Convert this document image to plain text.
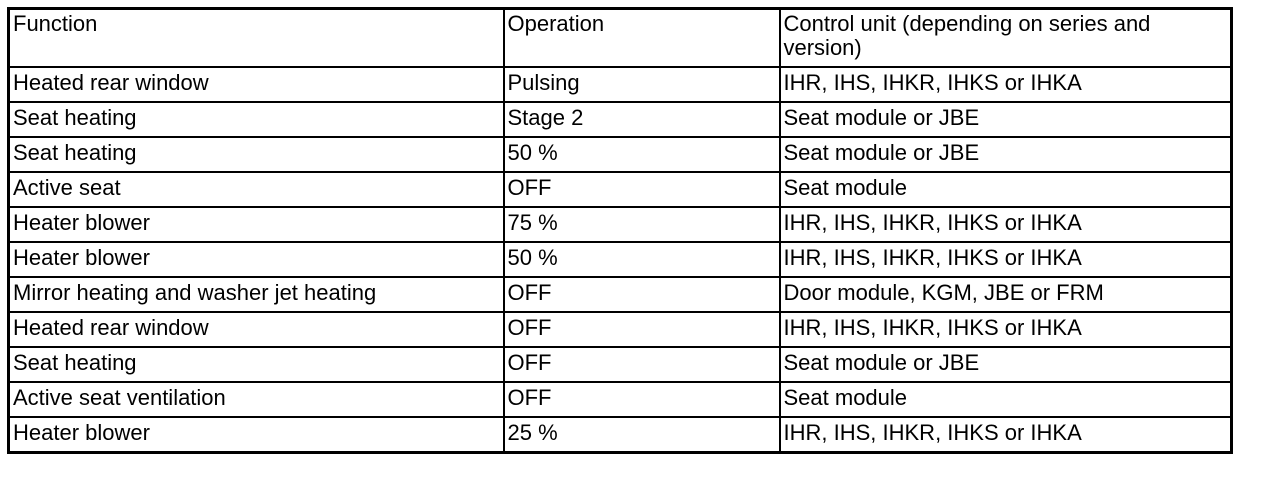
Function	Operation	Control unit (depending on series and version)
Heated rear window	Pulsing	IHR, IHS, IHKR, IHKS or IHKA
Seat heating	Stage 2	Seat module or JBE
Seat heating	50 %	Seat module or JBE
Active seat	OFF	Seat module
Heater blower	75 %	IHR, IHS, IHKR, IHKS or IHKA
Heater blower	50 %	IHR, IHS, IHKR, IHKS or IHKA
Mirror heating and washer jet heating	OFF	Door module, KGM, JBE or FRM
Heated rear window	OFF	IHR, IHS, IHKR, IHKS or IHKA
Seat heating	OFF	Seat module or JBE
Active seat ventilation	OFF	Seat module
Heater blower	25 %	IHR, IHS, IHKR, IHKS or IHKA
